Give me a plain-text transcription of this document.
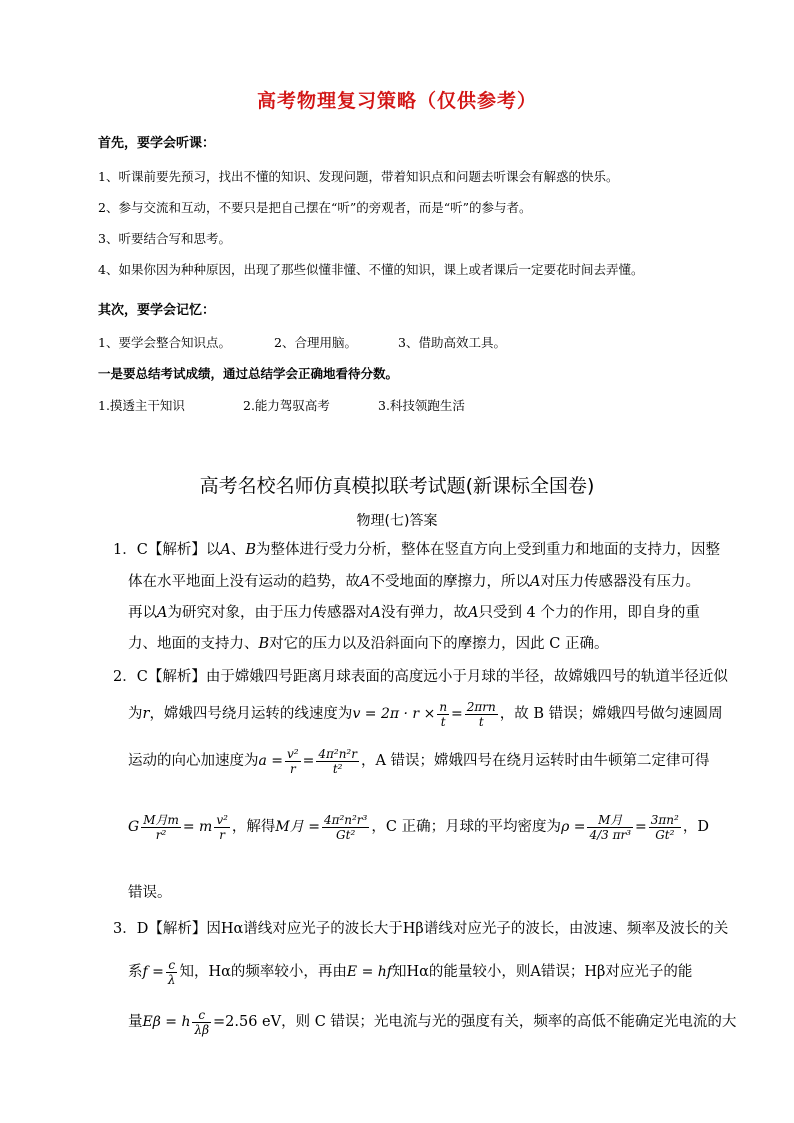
高考物理复习策略（仅供参考）
首先，要学会听课：
1、听课前要先预习，找出不懂的知识、发现问题，带着知识点和问题去听课会有解惑的快乐。
2、参与交流和互动，不要只是把自己摆在“听”的旁观者，而是“听”的参与者。
3、听要结合写和思考。
4、如果你因为种种原因，出现了那些似懂非懂、不懂的知识，课上或者课后一定要花时间去弄懂。
其次，要学会记忆：
1、要学会整合知识点。	2、合理用脑。	3、借助高效工具。
一是要总结考试成绩，通过总结学会正确地看待分数。
1.摸透主干知识	2.能力驾驭高考	3.科技领跑生活
高考名校名师仿真模拟联考试题(新课标全国卷)
物理(七)答案
1．C【解析】以A、B为整体进行受力分析，整体在竖直方向上受到重力和地面的支持力，因整
体在水平地面上没有运动的趋势，故A不受地面的摩擦力，所以A对压力传感器没有压力。
再以A为研究对象，由于压力传感器对A没有弹力，故A只受到 4 个力的作用，即自身的重
力、地面的支持力、B对它的压力以及沿斜面向下的摩擦力，因此 C 正确。
2．C【解析】由于嫦娥四号距离月球表面的高度远小于月球的半径，故嫦娥四号的轨道半径近似
为r，嫦娥四号绕月运转的线速度为$v = 2\pi \cdot r \times \frac{n}{t} = \frac{\text{2πrn}}{t}$ ，故 B 错误；嫦娥四号做匀速圆周
运动的向心加速度为$a = \frac{\text{v²}}{r} = \frac{\text{4π²n²r}}{\text{t²}}$ ，A 错误；嫦娥四号在绕月运转时由牛顿第二定律可得
G $\frac{\text{M月m}}{\text{r²}} = m \frac{\text{v²}}{r}$ ，解得M月 = $\frac{\text{4π²n²r³}}{\text{Gt²}}$ ，C 正确；月球的平均密度为$\rho = \frac{\text{M月}}{\text{4/3 πr³}} = \frac{\text{3πn²}}{\text{Gt²}}$ ，D
错误。
3．D【解析】因Hα谱线对应光子的波长大于Hβ谱线对应光子的波长，由波速、频率及波长的关
系$f = \frac{c}{\lambda}$ 知，Hα的频率较小，再由E = hf知Hα的能量较小，则A错误；Hβ对应光子的能
量Eβ = h $\frac{c}{\lambda\beta} =2.56$ eV，则 C 错误；光电流与光的强度有关，频率的高低不能确定光电流的大
